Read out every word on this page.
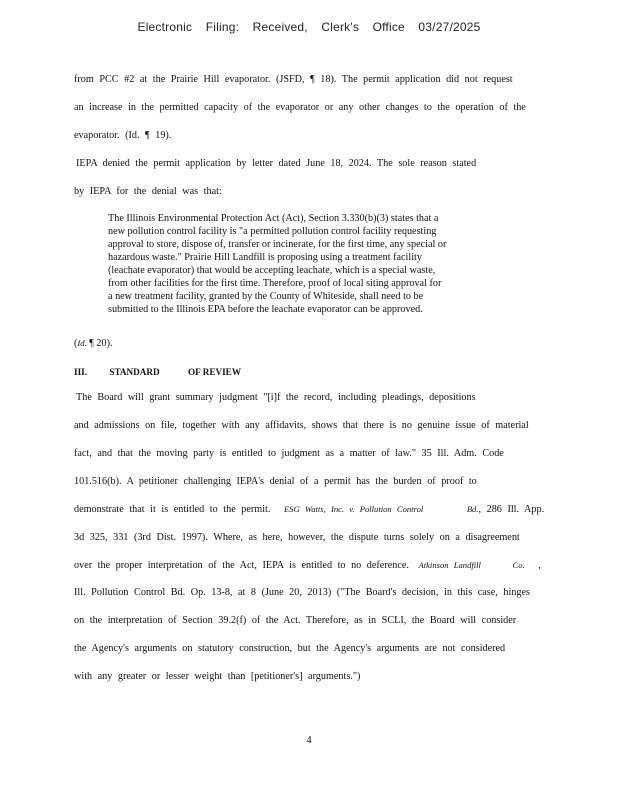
Electronic Filing: Received, Clerk's Office 03/27/2025
from PCC #2 at the Prairie Hill evaporator. (JSFD, ¶ 18). The permit application did not request
an increase in the permitted capacity of the evaporator or any other changes to the operation of the
evaporator. (Id. ¶ 19).
IEPA denied the permit application by letter dated June 18, 2024. The sole reason stated
by IEPA for the denial was that:
The Illinois Environmental Protection Act (Act), Section 3.330(b)(3) states that a
new pollution control facility is "a permitted pollution control facility requesting
approval to store, dispose of, transfer or incinerate, for the first time, any special or
hazardous waste." Prairie Hill Landfill is proposing using a treatment facility
(leachate evaporator) that would be accepting leachate, which is a special waste,
from other facilities for the first time. Therefore, proof of local siting approval for
a new treatment facility, granted by the County of Whiteside, shall need to be
submitted to the Illinois EPA before the leachate evaporator can be approved.
(Id. ¶ 20).
III. STANDARD	OF REVIEW
The Board will grant summary judgment "[i]f the record, including pleadings, depositions
and admissions on file, together with any affidavits, shows that there is no genuine issue of material
fact, and that the moving party is entitled to judgment as a matter of law." 35 Ill. Adm. Code
101.516(b). A petitioner challenging IEPA's denial of a permit has the burden of proof to
demonstrate that it is entitled to the permit. ESG Watts, Inc. v. Pollution Control	Bd., 286 Ill. App.
3d 325, 331 (3rd Dist. 1997). Where, as here, however, the dispute turns solely on a disagreement
over the proper interpretation of the Act, IEPA is entitled to no deference. Atkinson Landfill	Co. ,
Ill. Pollution Control Bd. Op. 13-8, at 8 (June 20, 2013) ("The Board's decision, in this case, hinges
on the interpretation of Section 39.2(f) of the Act. Therefore, as in SCLI, the Board will consider
the Agency's arguments on statutory construction, but the Agency's arguments are not considered
with any greater or lesser weight than [petitioner's] arguments.")
4
